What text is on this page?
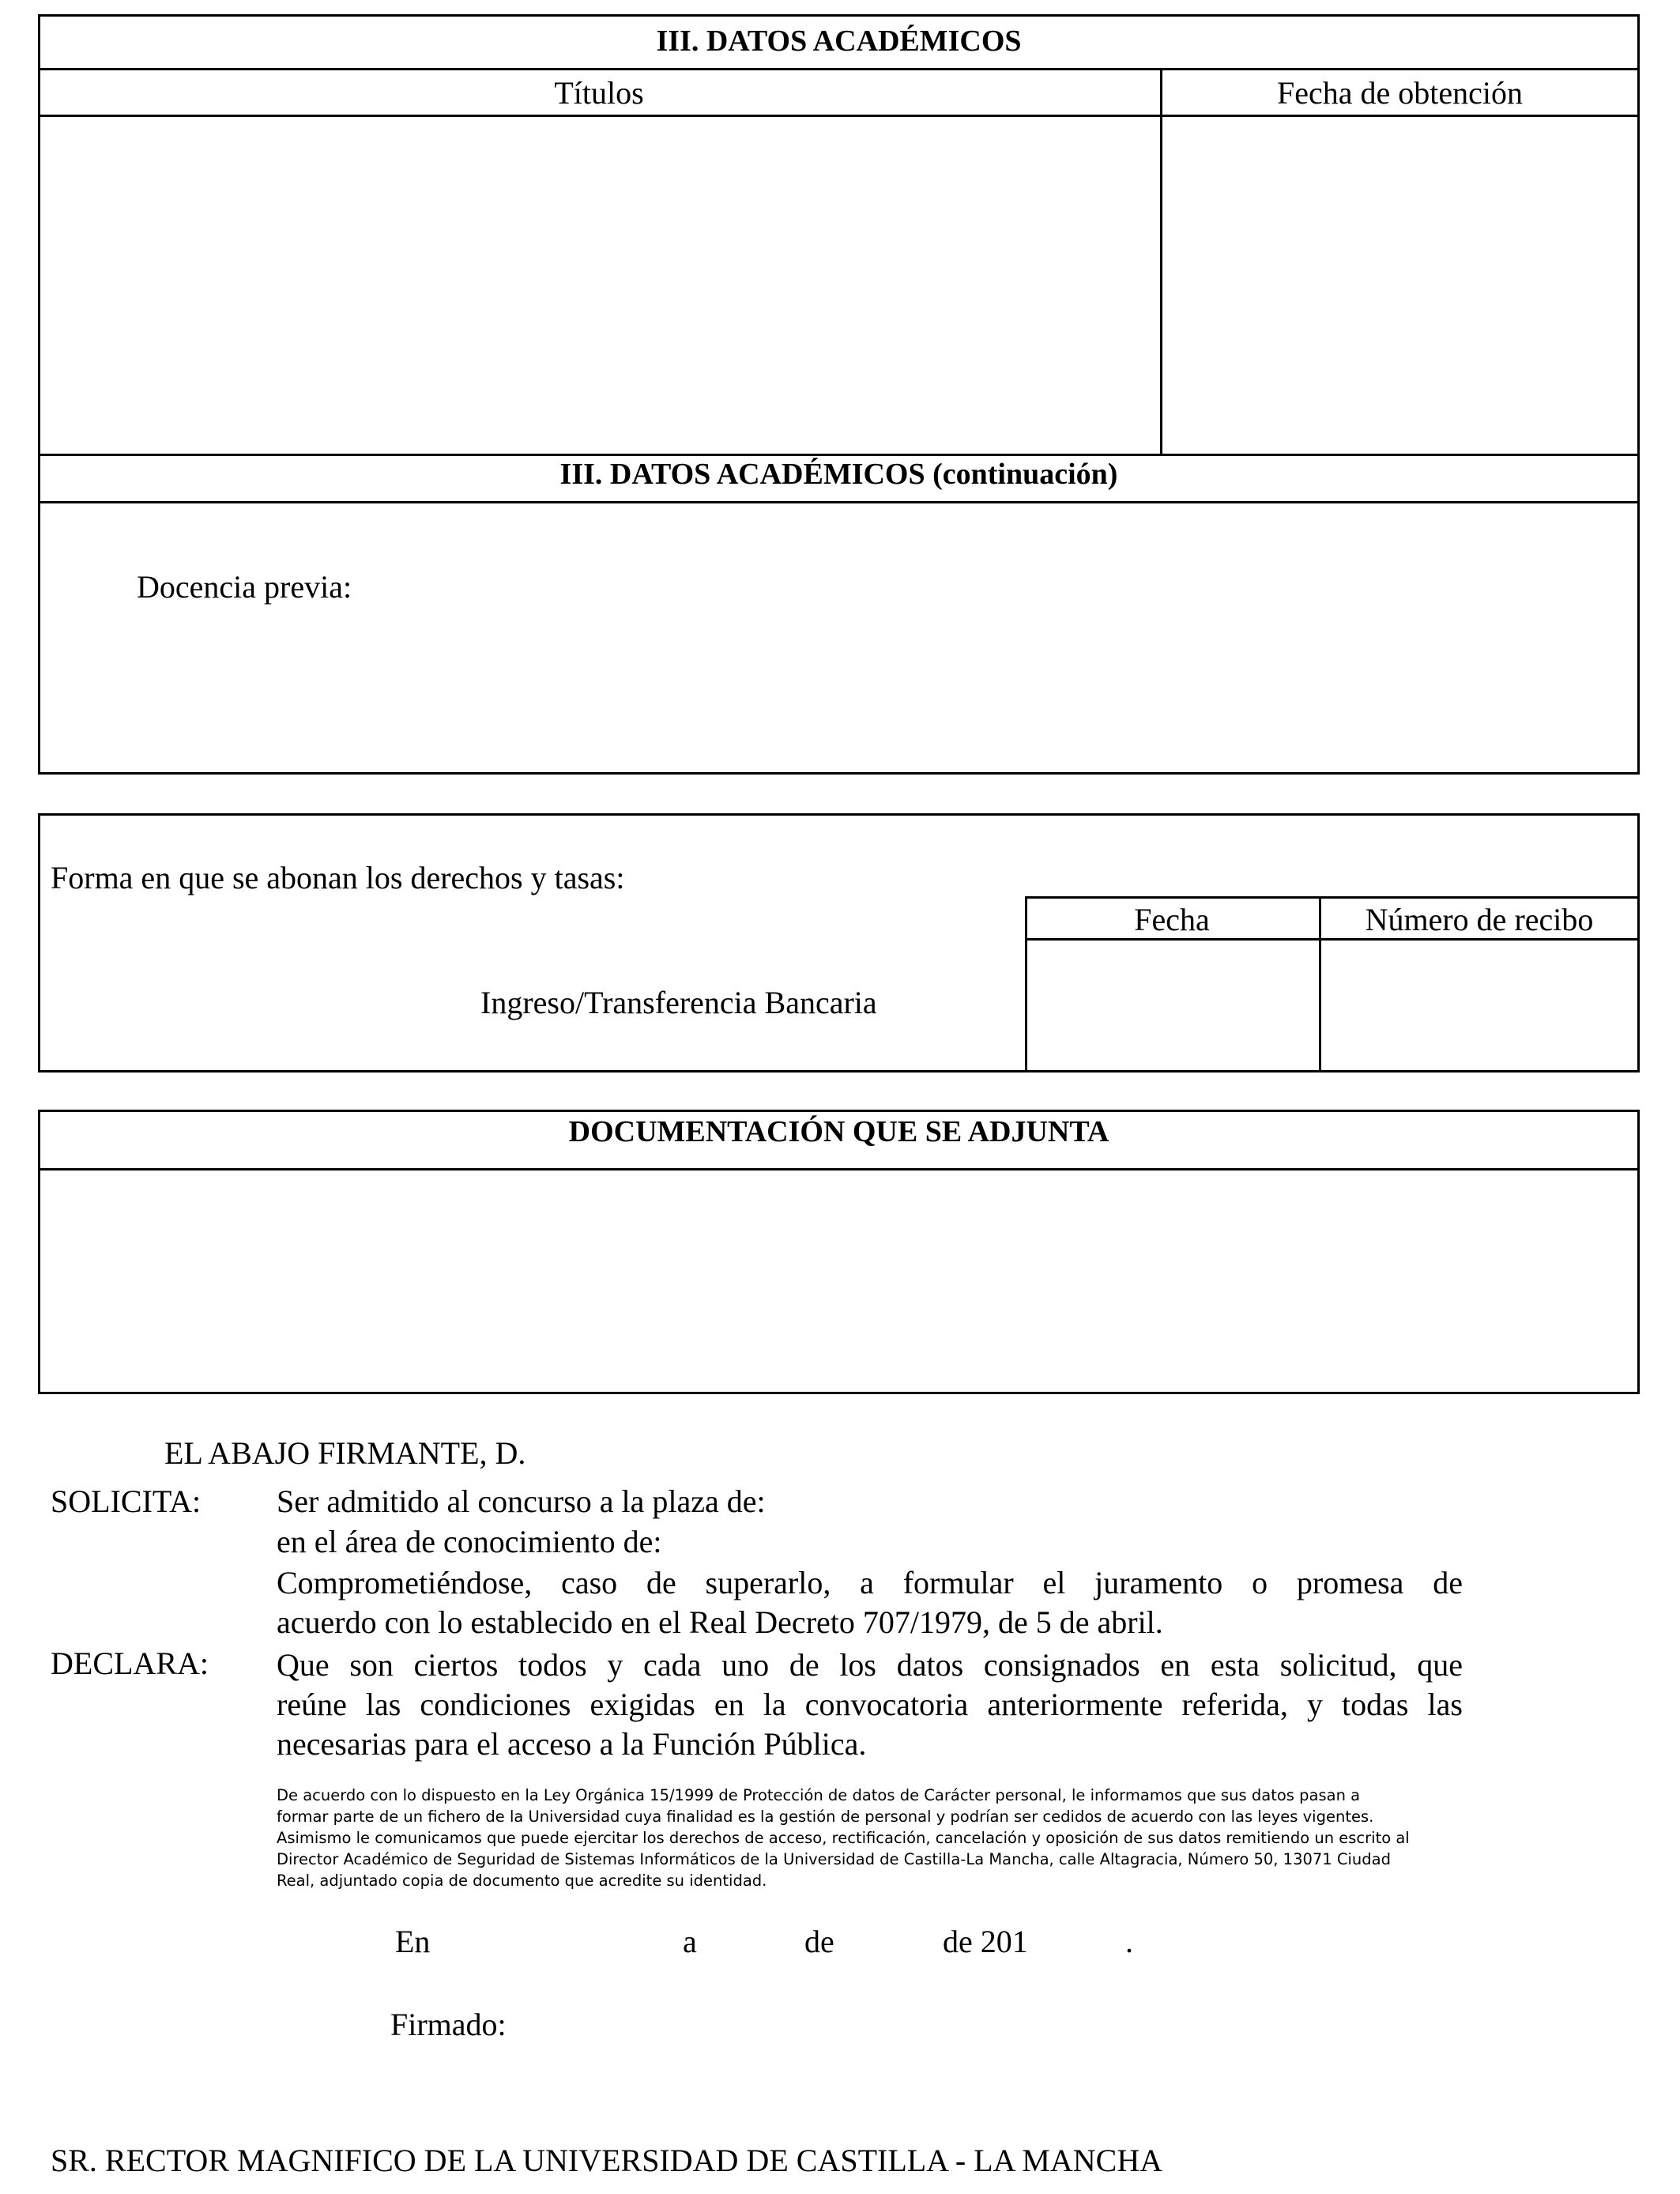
III. DATOS ACADÉMICOS
Títulos	Fecha de obtención
III. DATOS ACADÉMICOS (continuación)
Docencia previa:
Forma en que se abonan los derechos y tasas:
Ingreso/Transferencia Bancaria
Fecha	Número de recibo
DOCUMENTACIÓN QUE SE ADJUNTA
EL ABAJO FIRMANTE, D.
SOLICITA: Ser admitido al concurso a la plaza de:
en el área de conocimiento de:
Comprometiéndose, caso de superarlo, a formular el juramento o promesa de
acuerdo con lo establecido en el Real Decreto 707/1979, de 5 de abril.
DECLARA: Que son ciertos todos y cada uno de los datos consignados en esta solicitud, que
reúne las condiciones exigidas en la convocatoria anteriormente referida, y todas las
necesarias para el acceso a la Función Pública.
De acuerdo con lo dispuesto en la Ley Orgánica 15/1999 de Protección de datos de Carácter personal, le informamos que sus datos pasan a
formar parte de un fichero de la Universidad cuya finalidad es la gestión de personal y podrían ser cedidos de acuerdo con las leyes vigentes.
Asimismo le comunicamos que puede ejercitar los derechos de acceso, rectificación, cancelación y oposición de sus datos remitiendo un escrito al
Director Académico de Seguridad de Sistemas Informáticos de la Universidad de Castilla-La Mancha, calle Altagracia, Número 50, 13071 Ciudad
Real, adjuntado copia de documento que acredite su identidad.
En	a	de	de 201	.
Firmado:
SR. RECTOR MAGNIFICO DE LA UNIVERSIDAD DE CASTILLA - LA MANCHA
